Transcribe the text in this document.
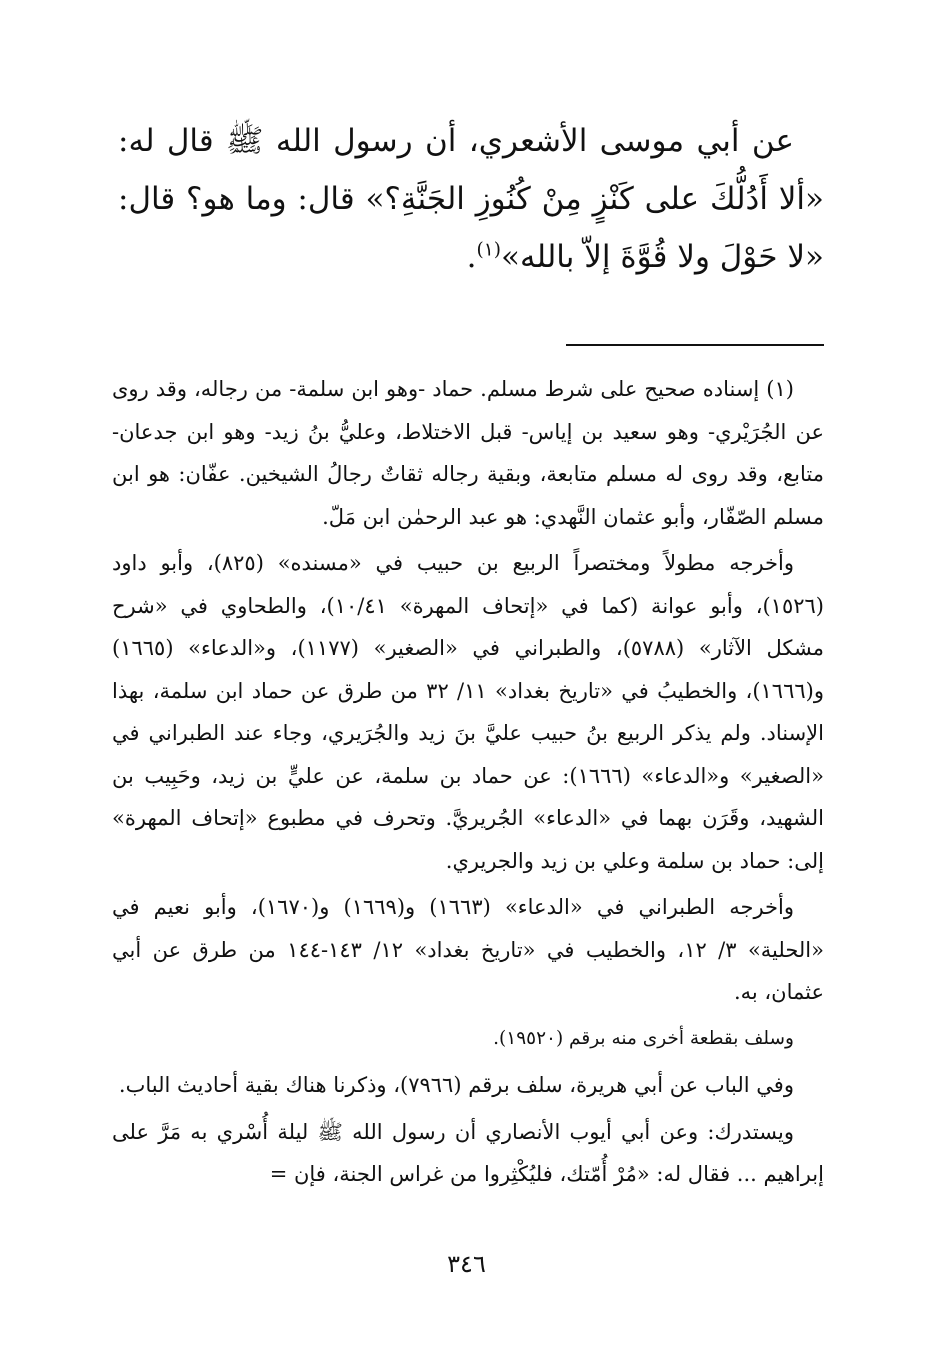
عن أبي موسى الأشعري، أن رسول الله ﷺ قال له: «ألا أَدُلُّكَ على كَنْزٍ مِنْ كُنُوزِ الجَنَّةِ؟» قال: وما هو؟ قال: «لا حَوْلَ ولا قُوَّةَ إلاّ بالله»$^{(١)}$.

(١) إسناده صحيح على شرط مسلم. حماد -وهو ابن سلمة- من رجاله، وقد روى عن الجُرَيْري- وهو سعيد بن إياس- قبل الاختلاط، وعليُّ بنُ زيد- وهو ابن جدعان- متابع، وقد روى له مسلم متابعة، وبقية رجاله ثقاتٌ رجالُ الشيخين. عفّان: هو ابن مسلم الصّفّار، وأبو عثمان النَّهدي: هو عبد الرحمٰن ابن مَلّ.

وأخرجه مطولاً ومختصراً الربيع بن حبيب في «مسنده» (٨٢٥)، وأبو داود (١٥٢٦)، وأبو عوانة (كما في «إتحاف المهرة» ١٠/٤١)، والطحاوي في «شرح مشكل الآثار» (٥٧٨٨)، والطبراني في «الصغير» (١١٧٧)، و«الدعاء» (١٦٦٥) و(١٦٦٦)، والخطيبُ في «تاريخ بغداد» ١١/ ٣٢ من طرق عن حماد ابن سلمة، بهذا الإسناد. ولم يذكر الربيع بنُ حبيب عليَّ بنَ زيد والجُرَيري، وجاء عند الطبراني في «الصغير» و«الدعاء» (١٦٦٦): عن حماد بن سلمة، عن عليٍّ بن زيد، وحَبِيب بن الشهيد، وقَرَن بهما في «الدعاء» الجُريريَّ. وتحرف في مطبوع «إتحاف المهرة» إلى: حماد بن سلمة وعلي بن زيد والجريري.

وأخرجه الطبراني في «الدعاء» (١٦٦٣) و(١٦٦٩) و(١٦٧٠)، وأبو نعيم في «الحلية» ٣/ ١٢، والخطيب في «تاريخ بغداد» ١٢/ ١٤٣-١٤٤ من طرق عن أبي عثمان، به.

وسلف بقطعة أخرى منه برقم (١٩٥٢٠).

وفي الباب عن أبي هريرة، سلف برقم (٧٩٦٦)، وذكرنا هناك بقية أحاديث الباب.

ويستدرك: وعن أبي أيوب الأنصاري أن رسول الله ﷺ ليلة أُسْري به مَرَّ على إبراهيم ... فقال له: «مُرْ أُمّتك، فليُكْثِروا من غراس الجنة، فإن =

٣٤٦
